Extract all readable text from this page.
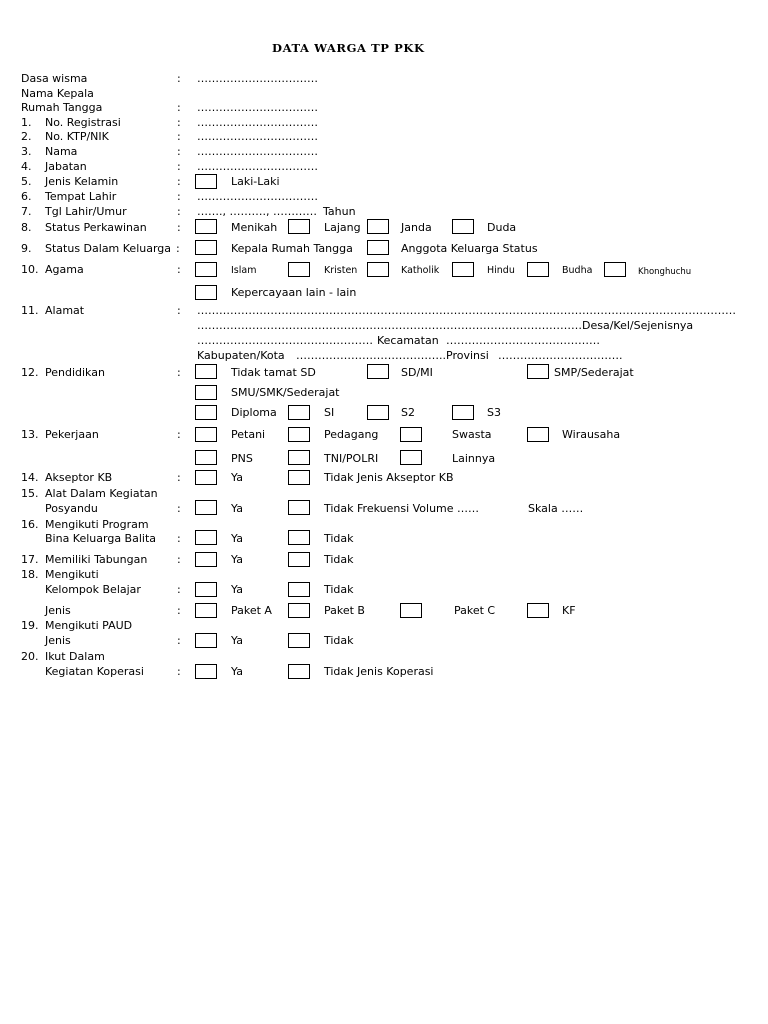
DATA WARGA TP PKK
Dasa wisma	: ……………………………
Nama Kepala
Rumah Tangga	: ……………………………
1. No. Registrasi	: ……………………………
2. No. KTP/NIK	: ……………………………
3. Nama	: ……………………………
4. Jabatan	: ……………………………
5. Jenis Kelamin	:	Laki-Laki
6. Tempat Lahir	: ……………………………
7. Tgl Lahir/Umur	: ……., ………., ………… Tahun
8. Status Perkawinan	:	Menikah	Lajang	Janda	Duda
9. Status Dalam Keluarga :	Kepala Rumah Tangga	Anggota Keluarga Status
10. Agama	:	Islam	Kristen	Katholik	Hindu	Budha	Khonghuchu
Kepercayaan lain - lain
11. Alamat	: …………………………………………………………………………………………………………………………………
……………………………………………………………………………………………Desa/Kel/Sejenisnya
………………………………………… Kecamatan ……………………………………
Kabupaten/Kota ………………………………….. Provinsi …………………………….
12. Pendidikan	:	Tidak tamat SD	SD/MI	SMP/Sederajat
SMU/SMK/Sederajat
Diploma	SI	S2	S3
13. Pekerjaan	:	Petani	Pedagang	Swasta	Wirausaha
PNS	TNI/POLRI	Lainnya
14. Akseptor KB	:	Ya	Tidak Jenis Akseptor KB
15. Alat Dalam Kegiatan
Posyandu	:	Ya	Tidak Frekuensi Volume ……	Skala ……
16. Mengikuti Program
Bina Keluarga Balita :	Ya	Tidak
17. Memiliki Tabungan	:	Ya	Tidak
18. Mengikuti
Kelompok Belajar	:	Ya	Tidak
Jenis	:	Paket A	Paket B	Paket C	KF
19. Mengikuti PAUD
Jenis	:	Ya	Tidak
20. Ikut Dalam
Kegiatan Koperasi	:	Ya	Tidak Jenis Koperasi
